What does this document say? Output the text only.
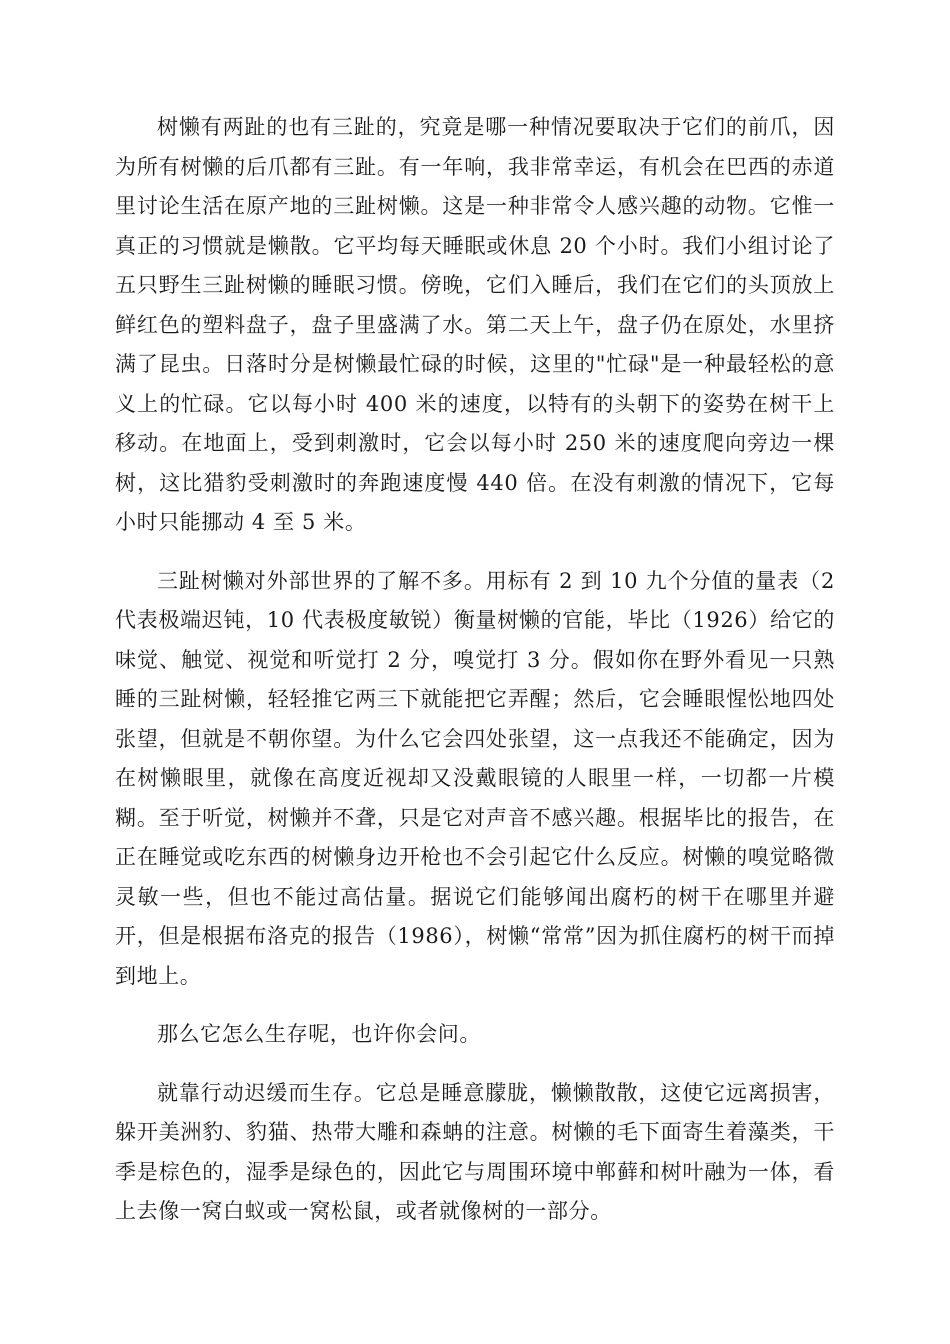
树懒有两趾的也有三趾的，究竟是哪一种情况要取决于它们的前爪，因为所有树懒的后爪都有三趾。有一年响，我非常幸运，有机会在巴西的赤道里讨论生活在原产地的三趾树懒。这是一种非常令人感兴趣的动物。它惟一真正的习惯就是懒散。它平均每天睡眠或休息 20 个小时。我们小组讨论了五只野生三趾树懒的睡眠习惯。傍晚，它们入睡后，我们在它们的头顶放上鲜红色的塑料盘子，盘子里盛满了水。第二天上午，盘子仍在原处，水里挤满了昆虫。日落时分是树懒最忙碌的时候，这里的"忙碌"是一种最轻松的意义上的忙碌。它以每小时 400 米的速度，以特有的头朝下的姿势在树干上移动。在地面上，受到刺激时，它会以每小时 250 米的速度爬向旁边一棵树，这比猎豹受刺激时的奔跑速度慢 440 倍。在没有刺激的情况下，它每小时只能挪动 4 至 5 米。

三趾树懒对外部世界的了解不多。用标有 2 到 10 九个分值的量表（2 代表极端迟钝，10 代表极度敏锐）衡量树懒的官能，毕比（1926）给它的味觉、触觉、视觉和听觉打 2 分，嗅觉打 3 分。假如你在野外看见一只熟睡的三趾树懒，轻轻推它两三下就能把它弄醒；然后，它会睡眼惺忪地四处张望，但就是不朝你望。为什么它会四处张望，这一点我还不能确定，因为在树懒眼里，就像在高度近视却又没戴眼镜的人眼里一样，一切都一片模糊。至于听觉，树懒并不聋，只是它对声音不感兴趣。根据毕比的报告，在正在睡觉或吃东西的树懒身边开枪也不会引起它什么反应。树懒的嗅觉略微灵敏一些，但也不能过高估量。据说它们能够闻出腐朽的树干在哪里并避开，但是根据布洛克的报告（1986），树懒“常常”因为抓住腐朽的树干而掉到地上。

那么它怎么生存呢，也许你会问。

就靠行动迟缓而生存。它总是睡意朦胧，懒懒散散，这使它远离损害，躲开美洲豹、豹猫、热带大雕和森蚺的注意。树懒的毛下面寄生着藻类，干季是棕色的，湿季是绿色的，因此它与周围环境中郸藓和树叶融为一体，看上去像一窝白蚁或一窝松鼠，或者就像树的一部分。
